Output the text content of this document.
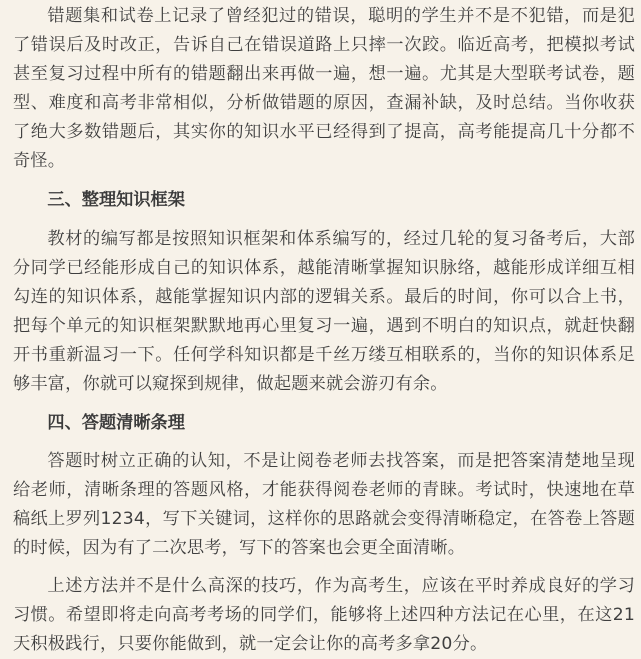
错题集和试卷上记录了曾经犯过的错误，聪明的学生并不是不犯错，而是犯了错误后及时改正，告诉自己在错误道路上只摔一次跤。临近高考，把模拟考试甚至复习过程中所有的错题翻出来再做一遍，想一遍。尤其是大型联考试卷，题型、难度和高考非常相似，分析做错题的原因，查漏补缺，及时总结。当你收获了绝大多数错题后，其实你的知识水平已经得到了提高，高考能提高几十分都不奇怪。

三、整理知识框架

教材的编写都是按照知识框架和体系编写的，经过几轮的复习备考后，大部分同学已经能形成自己的知识体系，越能清晰掌握知识脉络，越能形成详细互相勾连的知识体系，越能掌握知识内部的逻辑关系。最后的时间，你可以合上书，把每个单元的知识框架默默地再心里复习一遍，遇到不明白的知识点，就赶快翻开书重新温习一下。任何学科知识都是千丝万缕互相联系的，当你的知识体系足够丰富，你就可以窥探到规律，做起题来就会游刃有余。

四、答题清晰条理

答题时树立正确的认知，不是让阅卷老师去找答案，而是把答案清楚地呈现给老师，清晰条理的答题风格，才能获得阅卷老师的青睐。考试时，快速地在草稿纸上罗列1234，写下关键词，这样你的思路就会变得清晰稳定，在答卷上答题的时候，因为有了二次思考，写下的答案也会更全面清晰。

上述方法并不是什么高深的技巧，作为高考生，应该在平时养成良好的学习习惯。希望即将走向高考考场的同学们，能够将上述四种方法记在心里，在这21天积极践行，只要你能做到，就一定会让你的高考多拿20分。
